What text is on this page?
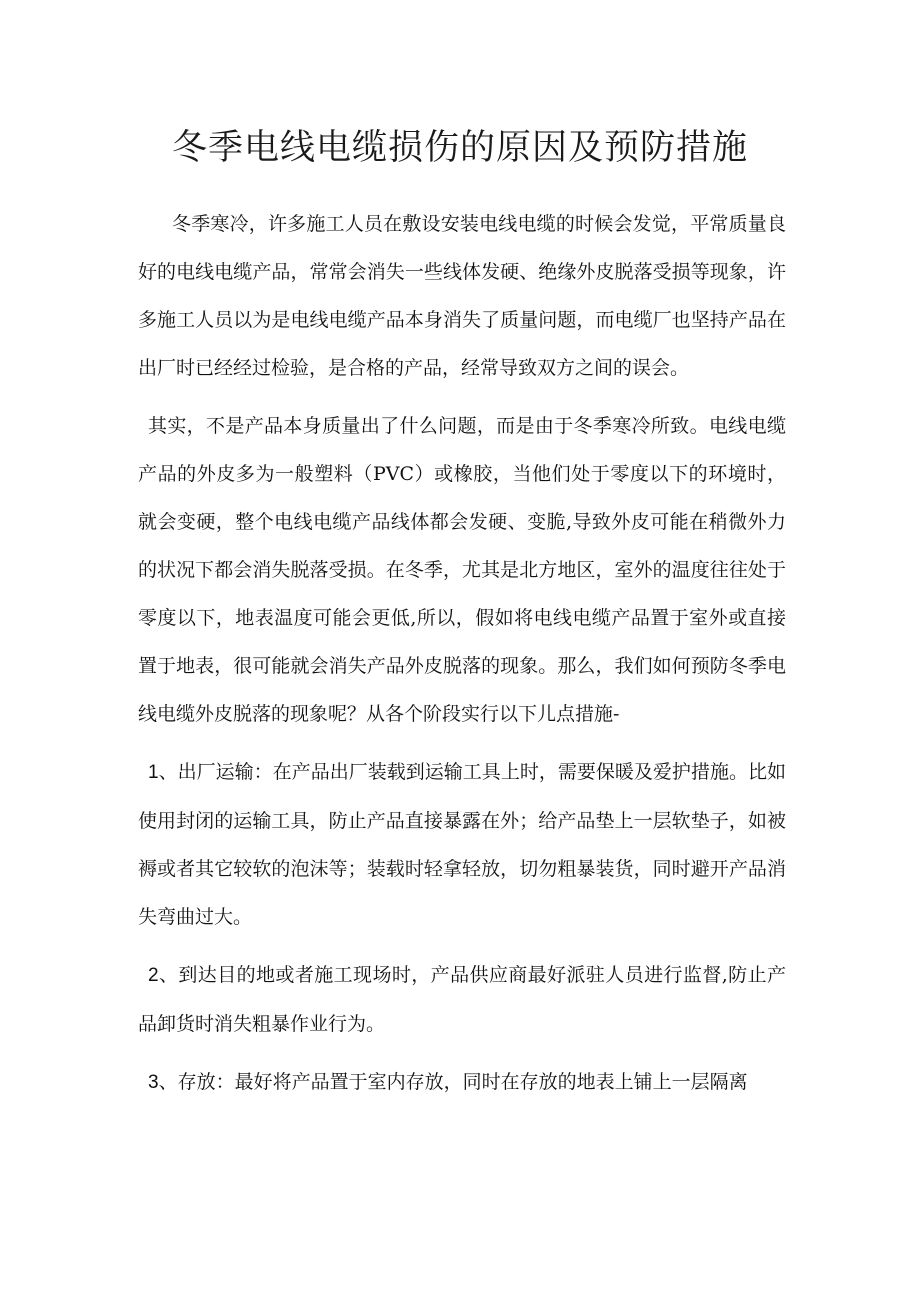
冬季电线电缆损伤的原因及预防措施

冬季寒冷，许多施工人员在敷设安装电线电缆的时候会发觉，平常质量良好的电线电缆产品，常常会消失一些线体发硬、绝缘外皮脱落受损等现象，许多施工人员以为是电线电缆产品本身消失了质量问题，而电缆厂也坚持产品在出厂时已经经过检验，是合格的产品，经常导致双方之间的误会。

其实，不是产品本身质量出了什么问题，而是由于冬季寒冷所致。电线电缆产品的外皮多为一般塑料（PVC）或橡胶，当他们处于零度以下的环境时，就会变硬，整个电线电缆产品线体都会发硬、变脆,导致外皮可能在稍微外力的状况下都会消失脱落受损。在冬季，尤其是北方地区，室外的温度往往处于零度以下，地表温度可能会更低,所以，假如将电线电缆产品置于室外或直接置于地表，很可能就会消失产品外皮脱落的现象。那么，我们如何预防冬季电线电缆外皮脱落的现象呢？从各个阶段实行以下儿点措施-

1、出厂运输：在产品出厂装载到运输工具上时，需要保暖及爱护措施。比如使用封闭的运输工具，防止产品直接暴露在外；给产品垫上一层软垫子，如被褥或者其它较软的泡沫等；装载时轻拿轻放，切勿粗暴装货，同时避开产品消失弯曲过大。

2、到达目的地或者施工现场时，产品供应商最好派驻人员进行监督,防止产品卸货时消失粗暴作业行为。

3、存放：最好将产品置于室内存放，同时在存放的地表上铺上一层隔离
